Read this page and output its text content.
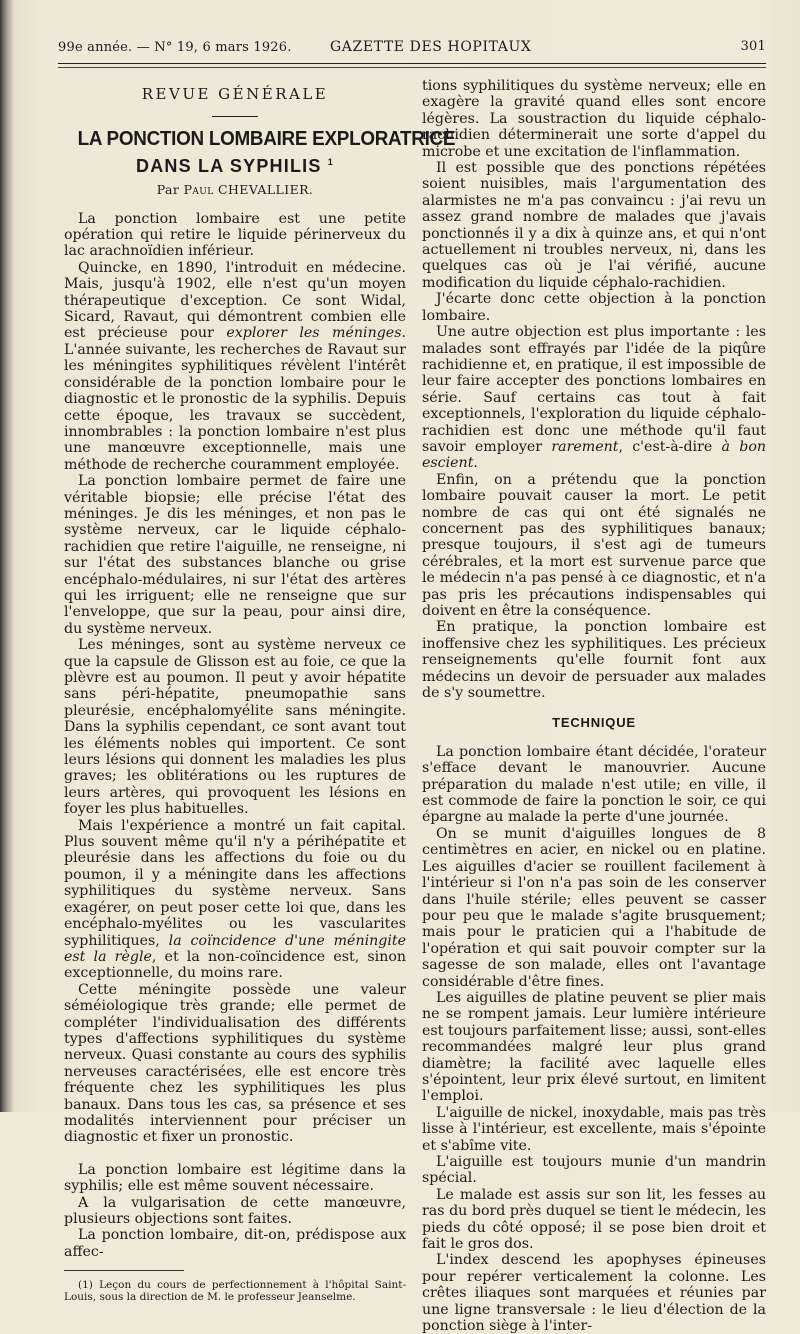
99e année. — N° 19, 6 mars 1926.	GAZETTE DES HOPITAUX	301
REVUE GÉNÉRALE
LA PONCTION LOMBAIRE EXPLORATRICE
DANS LA SYPHILIS $^1$
Par Paul CHEVALLIER.

La ponction lombaire est une petite opération qui retire le liquide périnerveux du lac arachnoïdien inférieur.

Quincke, en 1890, l'introduit en médecine. Mais, jusqu'à 1902, elle n'est qu'un moyen thérapeutique d'exception. Ce sont Widal, Sicard, Ravaut, qui démontrent combien elle est précieuse pour explorer les méninges. L'année suivante, les recherches de Ravaut sur les méningites syphilitiques révèlent l'intérêt considérable de la ponction lombaire pour le diagnostic et le pronostic de la syphilis. Depuis cette époque, les travaux se succèdent, innombrables : la ponction lombaire n'est plus une manœuvre exceptionnelle, mais une méthode de recherche couramment employée.

La ponction lombaire permet de faire une véritable biopsie; elle précise l'état des méninges. Je dis les méninges, et non pas le système nerveux, car le liquide céphalo-rachidien que retire l'aiguille, ne renseigne, ni sur l'état des substances blanche ou grise encéphalo-médulaires, ni sur l'état des artères qui les irriguent; elle ne renseigne que sur l'enveloppe, que sur la peau, pour ainsi dire, du système nerveux.

Les méninges, sont au système nerveux ce que la capsule de Glisson est au foie, ce que la plèvre est au poumon. Il peut y avoir hépatite sans péri-hépatite, pneumopathie sans pleurésie, encéphalomyélite sans méningite. Dans la syphilis cependant, ce sont avant tout les éléments nobles qui importent. Ce sont leurs lésions qui donnent les maladies les plus graves; les oblitérations ou les ruptures de leurs artères, qui provoquent les lésions en foyer les plus habituelles.

Mais l'expérience a montré un fait capital. Plus souvent même qu'il n'y a périhépatite et pleurésie dans les affections du foie ou du poumon, il y a méningite dans les affections syphilitiques du système nerveux. Sans exagérer, on peut poser cette loi que, dans les encéphalo-myélites ou les vascularites syphilitiques, la coïncidence d'une méningite est la règle, et la non-coïncidence est, sinon exceptionnelle, du moins rare.

Cette méningite possède une valeur séméiologique très grande; elle permet de compléter l'individualisation des différents types d'affections syphilitiques du système nerveux. Quasi constante au cours des syphilis nerveuses caractérisées, elle est encore très fréquente chez les syphilitiques les plus banaux. Dans tous les cas, sa présence et ses modalités interviennent pour préciser un diagnostic et fixer un pronostic.

La ponction lombaire est légitime dans la syphilis; elle est même souvent nécessaire.

A la vulgarisation de cette manœuvre, plusieurs objections sont faites.

La ponction lombaire, dit-on, prédispose aux affec-

(1) Leçon du cours de perfectionnement à l'hôpital Saint-Louis, sous la direction de M. le professeur Jeanselme.

tions syphilitiques du système nerveux; elle en exagère la gravité quand elles sont encore légères. La soustraction du liquide céphalo-rachidien déterminerait une sorte d'appel du microbe et une excitation de l'inflammation.

Il est possible que des ponctions répétées soient nuisibles, mais l'argumentation des alarmistes ne m'a pas convaincu : j'ai revu un assez grand nombre de malades que j'avais ponctionnés il y a dix à quinze ans, et qui n'ont actuellement ni troubles nerveux, ni, dans les quelques cas où je l'ai vérifié, aucune modification du liquide céphalo-rachidien.

J'écarte donc cette objection à la ponction lombaire.

Une autre objection est plus importante : les malades sont effrayés par l'idée de la piqûre rachidienne et, en pratique, il est impossible de leur faire accepter des ponctions lombaires en série. Sauf certains cas tout à fait exceptionnels, l'exploration du liquide céphalo-rachidien est donc une méthode qu'il faut savoir employer rarement, c'est-à-dire à bon escient.

Enfin, on a prétendu que la ponction lombaire pouvait causer la mort. Le petit nombre de cas qui ont été signalés ne concernent pas des syphilitiques banaux; presque toujours, il s'est agi de tumeurs cérébrales, et la mort est survenue parce que le médecin n'a pas pensé à ce diagnostic, et n'a pas pris les précautions indispensables qui doivent en être la conséquence.

En pratique, la ponction lombaire est inoffensive chez les syphilitiques. Les précieux renseignements qu'elle fournit font aux médecins un devoir de persuader aux malades de s'y soumettre.

TECHNIQUE

La ponction lombaire étant décidée, l'orateur s'efface devant le manouvrier. Aucune préparation du malade n'est utile; en ville, il est commode de faire la ponction le soir, ce qui épargne au malade la perte d'une journée.

On se munit d'aiguilles longues de 8 centimètres en acier, en nickel ou en platine. Les aiguilles d'acier se rouillent facilement à l'intérieur si l'on n'a pas soin de les conserver dans l'huile stérile; elles peuvent se casser pour peu que le malade s'agite brusquement; mais pour le praticien qui a l'habitude de l'opération et qui sait pouvoir compter sur la sagesse de son malade, elles ont l'avantage considérable d'être fines.

Les aiguilles de platine peuvent se plier mais ne se rompent jamais. Leur lumière intérieure est toujours parfaitement lisse; aussi, sont-elles recommandées malgré leur plus grand diamètre; la facilité avec laquelle elles s'épointent, leur prix élevé surtout, en limitent l'emploi.

L'aiguille de nickel, inoxydable, mais pas très lisse à l'intérieur, est excellente, mais s'épointe et s'abîme vite.

L'aiguille est toujours munie d'un mandrin spécial.

Le malade est assis sur son lit, les fesses au ras du bord près duquel se tient le médecin, les pieds du côté opposé; il se pose bien droit et fait le gros dos.

L'index descend les apophyses épineuses pour repérer verticalement la colonne. Les crêtes iliaques sont marquées et réunies par une ligne transversale : le lieu d'élection de la ponction siège à l'inter-
